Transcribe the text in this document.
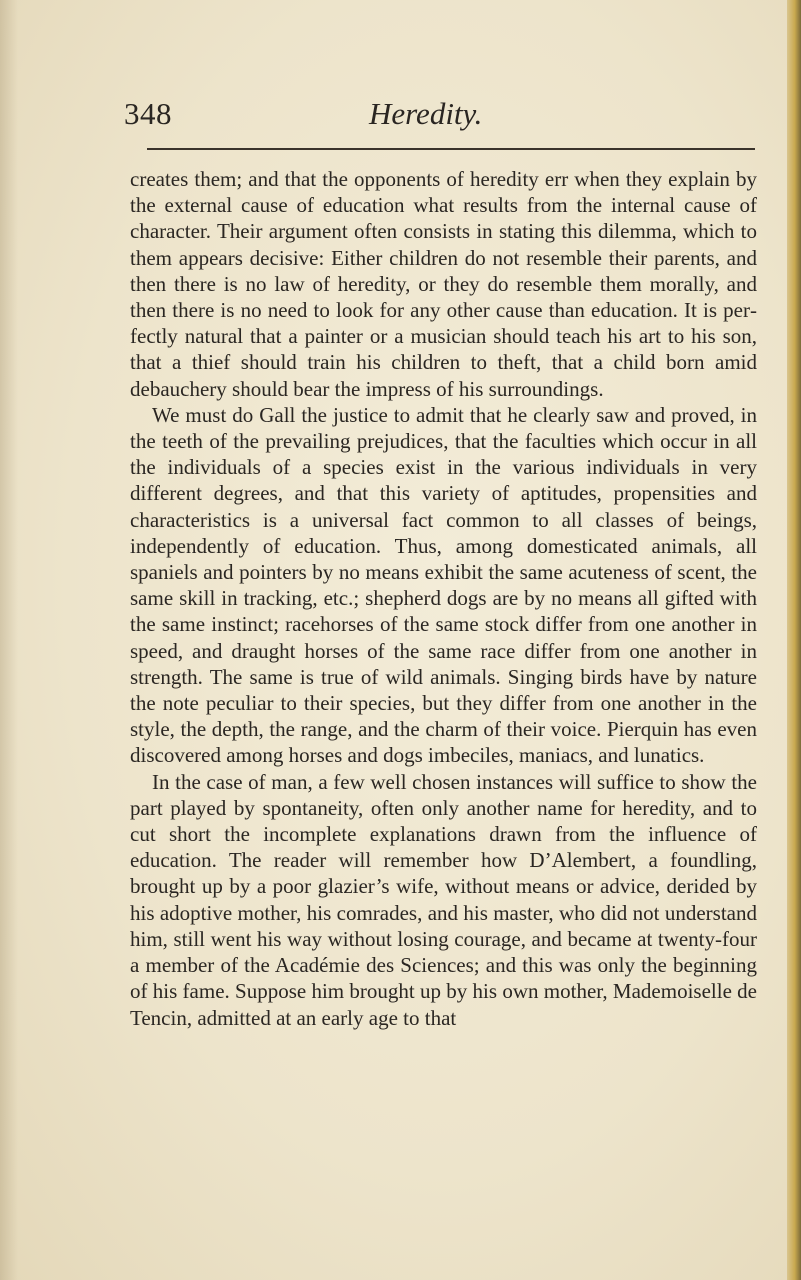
348	Heredity.

creates them; and that the opponents of heredity err when they explain by the external cause of education what results from the internal cause of character. Their argument often consists in stating this dilemma, which to them appears decisive: Either children do not resemble their parents, and then there is no law of heredity, or they do resemble them morally, and then there is no need to look for any other cause than education. It is perfectly natural that a painter or a musician should teach his art to his son, that a thief should train his children to theft, that a child born amid debauchery should bear the impress of his surroundings.

We must do Gall the justice to admit that he clearly saw and proved, in the teeth of the prevailing prejudices, that the faculties which occur in all the individuals of a species exist in the various individuals in very different degrees, and that this variety of aptitudes, propensities and characteristics is a universal fact common to all classes of beings, independently of education. Thus, among domesticated animals, all spaniels and pointers by no means exhibit the same acuteness of scent, the same skill in tracking, etc.; shepherd dogs are by no means all gifted with the same instinct; racehorses of the same stock differ from one another in speed, and draught horses of the same race differ from one another in strength. The same is true of wild animals. Singing birds have by nature the note peculiar to their species, but they differ from one another in the style, the depth, the range, and the charm of their voice. Pierquin has even discovered among horses and dogs imbeciles, maniacs, and lunatics.

In the case of man, a few well chosen instances will suffice to show the part played by spontaneity, often only another name for heredity, and to cut short the incomplete explanations drawn from the influence of education. The reader will remember how D’Alembert, a foundling, brought up by a poor glazier’s wife, without means or advice, derided by his adoptive mother, his comrades, and his master, who did not understand him, still went his way without losing courage, and became at twenty-four a member of the Académie des Sciences; and this was only the beginning of his fame. Suppose him brought up by his own mother, Mademoiselle de Tencin, admitted at an early age to that
